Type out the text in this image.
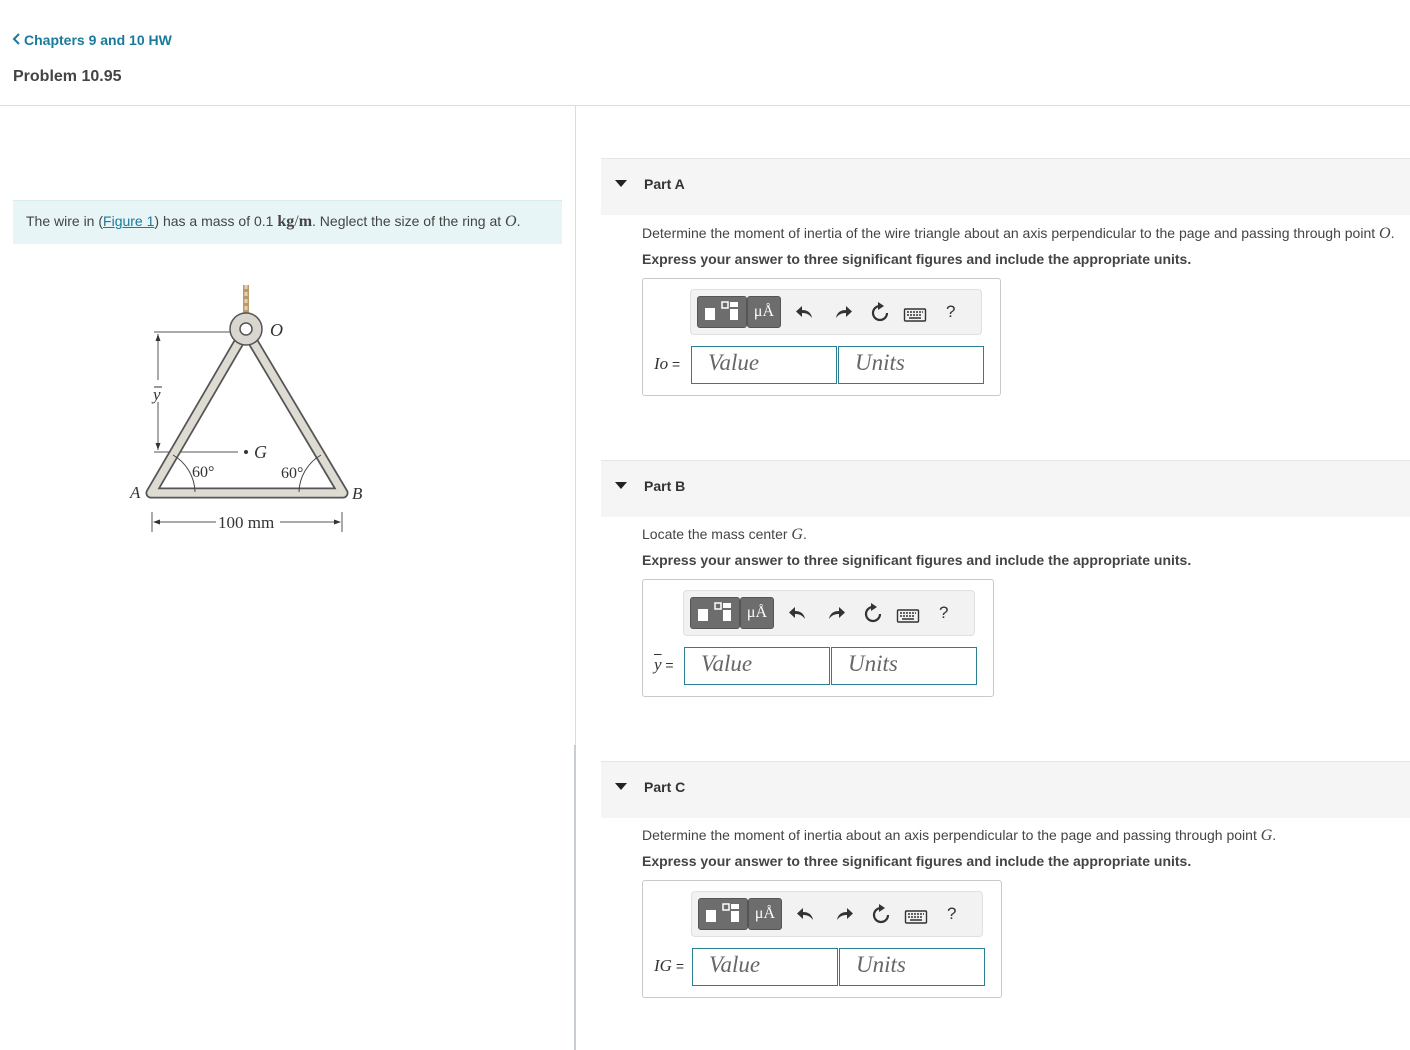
Chapters 9 and 10 HW
Problem 10.95
The wire in (Figure 1) has a mass of 0.1 kg/m. Neglect the size of the ring at O.
y
O
G
60°	60°
A	B
100 mm
Part A
Determine the moment of inertia of the wire triangle about an axis perpendicular to the page and passing through point O.
Express your answer to three significant figures and include the appropriate units.
μÅ	?
Io =	Value	Units
Part B
Locate the mass center G.
Express your answer to three significant figures and include the appropriate units.
μÅ	?
$\overline{y}$ =	Value	Units
Part C
Determine the moment of inertia about an axis perpendicular to the page and passing through point G.
Express your answer to three significant figures and include the appropriate units.
μÅ	?
IG =	Value	Units
